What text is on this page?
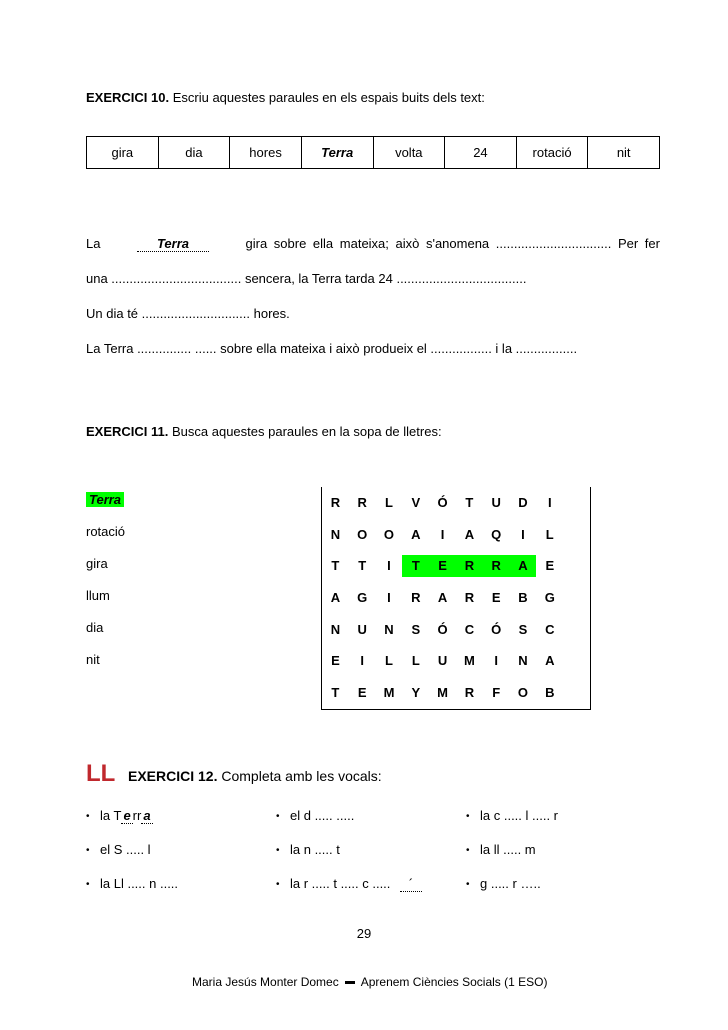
EXERCICI 10. Escriu aquestes paraules en els espais buits dels text:
gira	dia	hores	Terra	volta	24	rotació	nit
La	Terra	gira sobre ella mateixa; això s'anomena ................................ Per fer
una .................................... sencera, la Terra tarda 24 ....................................
Un dia té .............................. hores.
La Terra ............... ...... sobre ella mateixa i això produeix el ................. i la .................
EXERCICI 11. Busca aquestes paraules en la sopa de lletres:
Terra
rotació
gira
llum
dia
nit
R	R	L	V	Ó	T	U	D	I
N	O	O	A	I	A	Q	I	L
T	T	I	T	E	R	R	A	E
A	G	I	R	A	R	E	B	G
N	U	N	S	Ó	C	Ó	S	C
E	I	L	L	U	M	I	N	A
T	E	M	Y	M	R	F	O	B
LL EXERCICI 12. Completa amb les vocals:
• la T e rr a
• el S ..... l
• la Ll ..... n .....
• el d ..... .....
• la n ..... t
• la r ..... t ..... c ..... ´
• la c ..... l ..... r
• la ll ..... m
• g ..... r …..
29
Maria Jesús Monter Domec Aprenem Ciències Socials (1 ESO)
